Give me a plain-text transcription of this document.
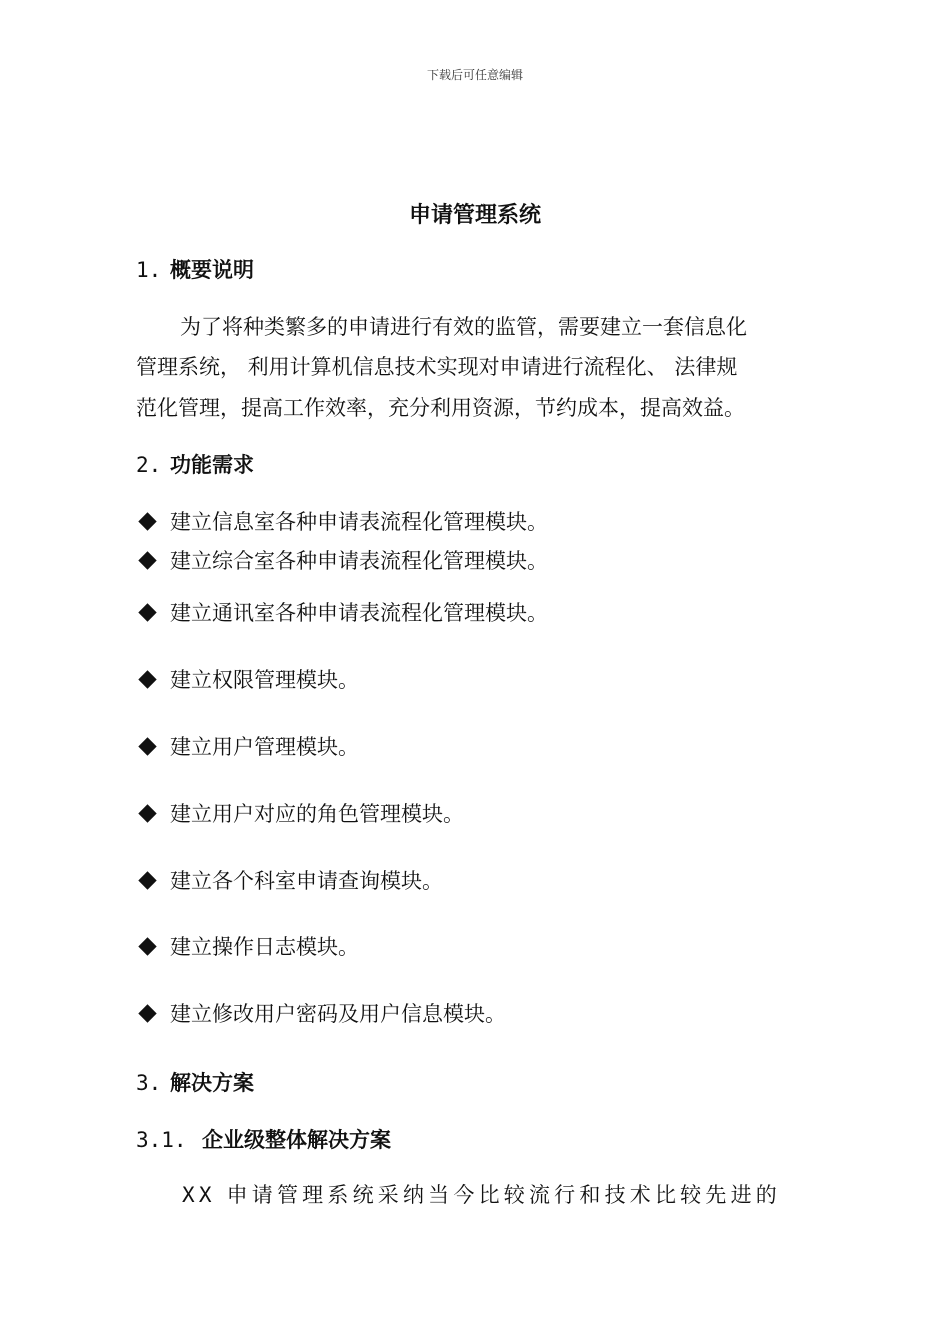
下载后可任意编辑
申请管理系统
1. 概要说明
为了将种类繁多的申请进行有效的监管，需要建立一套信息化
管理系统， 利用计算机信息技术实现对申请进行流程化、 法律规
范化管理，提高工作效率，充分利用资源，节约成本，提高效益。
2. 功能需求
建立信息室各种申请表流程化管理模块。
建立综合室各种申请表流程化管理模块。
建立通讯室各种申请表流程化管理模块。
建立权限管理模块。
建立用户管理模块。
建立用户对应的角色管理模块。
建立各个科室申请查询模块。
建立操作日志模块。
建立修改用户密码及用户信息模块。
3. 解决方案
3.1. 企业级整体解决方案
XX 申请管理系统采纳当今比较流行和技术比较先进的
